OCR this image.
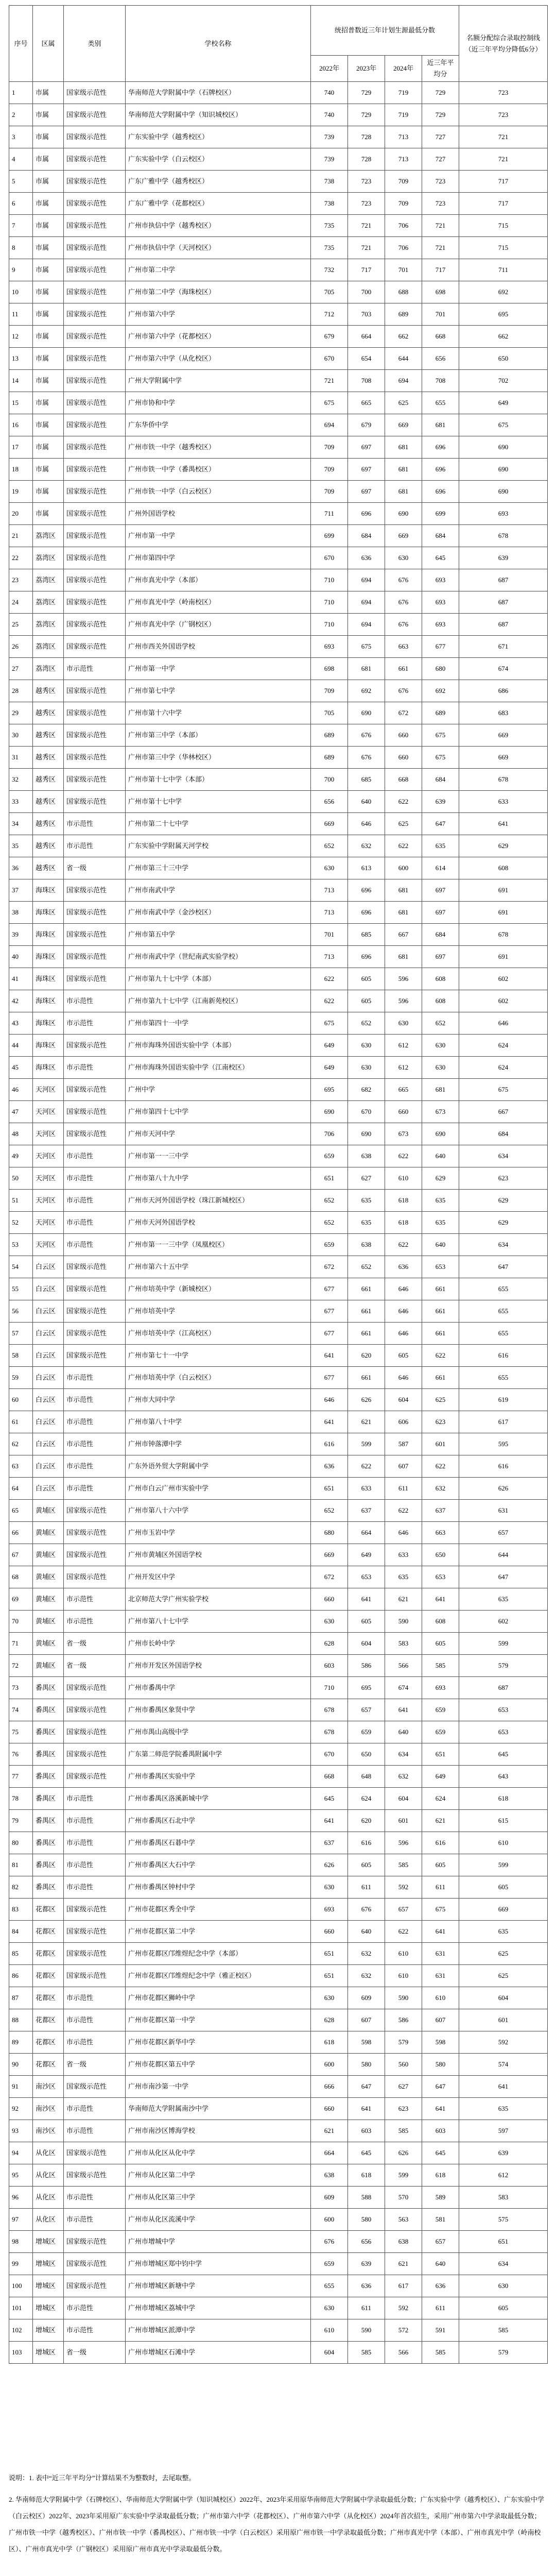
序号	区属	类别	学校名称	统招普数近三年计划生源最低分数				名额分配综合录取控制线（近三年平均分降低6分）
				2022年	2023年	2024年	近三年平均分	
1	市属	国家级示范性	华南师范大学附属中学（石牌校区）	740	729	719	729	723
2	市属	国家级示范性	华南师范大学附属中学（知识城校区）	740	729	719	729	723
3	市属	国家级示范性	广东实验中学（越秀校区）	739	728	713	727	721
4	市属	国家级示范性	广东实验中学（白云校区）	739	728	713	727	721
5	市属	国家级示范性	广东广雅中学（越秀校区）	738	723	709	723	717
6	市属	国家级示范性	广东广雅中学（花都校区）	738	723	709	723	717
7	市属	国家级示范性	广州市执信中学（越秀校区）	735	721	706	721	715
8	市属	国家级示范性	广州市执信中学（天河校区）	735	721	706	721	715
9	市属	国家级示范性	广州市第二中学	732	717	701	717	711
10	市属	国家级示范性	广州市第二中学（海珠校区）	705	700	688	698	692
11	市属	国家级示范性	广州市第六中学	712	703	689	701	695
12	市属	国家级示范性	广州市第六中学（花都校区）	679	664	662	668	662
13	市属	国家级示范性	广州市第六中学（从化校区）	670	654	644	656	650
14	市属	国家级示范性	广州大学附属中学	721	708	694	708	702
15	市属	国家级示范性	广州市协和中学	675	665	625	655	649
16	市属	国家级示范性	广东华侨中学	694	679	669	681	675
17	市属	国家级示范性	广州市铁一中学（越秀校区）	709	697	681	696	690
18	市属	国家级示范性	广州市铁一中学（番禺校区）	709	697	681	696	690
19	市属	国家级示范性	广州市铁一中学（白云校区）	709	697	681	696	690
20	市属	国家级示范性	广州外国语学校	711	696	690	699	693
21	荔湾区	国家级示范性	广州市第一中学	699	684	669	684	678
22	荔湾区	国家级示范性	广州市第四中学	670	636	630	645	639
23	荔湾区	国家级示范性	广州市真光中学（本部）	710	694	676	693	687
24	荔湾区	国家级示范性	广州市真光中学（岭南校区）	710	694	676	693	687
25	荔湾区	国家级示范性	广州市真光中学（广钢校区）	710	694	676	693	687
26	荔湾区	国家级示范性	广州市西关外国语学校	693	675	663	677	671
27	荔湾区	市示范性	广州市第一中学	698	681	661	680	674
28	越秀区	国家级示范性	广州市第七中学	709	692	676	692	686
29	越秀区	国家级示范性	广州市第十六中学	705	690	672	689	683
30	越秀区	国家级示范性	广州市第三中学（本部）	689	676	660	675	669
31	越秀区	国家级示范性	广州市第三中学（华林校区）	689	676	660	675	669
32	越秀区	国家级示范性	广州市第十七中学（本部）	700	685	668	684	678
33	越秀区	国家级示范性	广州市第十七中学	656	640	622	639	633
34	越秀区	市示范性	广州市第二十七中学	669	646	625	647	641
35	越秀区	市示范性	广东实验中学附属天河学校	652	632	622	635	629
36	越秀区	省一级	广州市第三十三中学	630	613	600	614	608
37	海珠区	国家级示范性	广州市南武中学	713	696	681	697	691
38	海珠区	国家级示范性	广州市南武中学（金沙校区）	713	696	681	697	691
39	海珠区	国家级示范性	广州市第五中学	701	685	667	684	678
40	海珠区	国家级示范性	广州市南武中学（世纪南武实验学校）	713	696	681	697	691
41	海珠区	国家级示范性	广州市第九十七中学（本部）	622	605	596	608	602
42	海珠区	市示范性	广州市第九十七中学（江南新苑校区）	622	605	596	608	602
43	海珠区	市示范性	广州市第四十一中学	675	652	630	652	646
44	海珠区	国家级示范性	广州市海珠外国语实验中学（本部）	649	630	612	630	624
45	海珠区	市示范性	广州市海珠外国语实验中学（江南校区）	649	630	612	630	624
46	天河区	国家级示范性	广州中学	695	682	665	681	675
47	天河区	国家级示范性	广州市第四十七中学	690	670	660	673	667
48	天河区	国家级示范性	广州市天河中学	706	690	673	690	684
49	天河区	市示范性	广州市第一一三中学	659	638	622	640	634
50	天河区	市示范性	广州市第八十九中学	651	627	610	629	623
51	天河区	市示范性	广州市天河外国语学校（珠江新城校区）	652	635	618	635	629
52	天河区	市示范性	广州市天河外国语学校	652	635	618	635	629
53	天河区	市示范性	广州市第一一三中学（凤凰校区）	659	638	622	640	634
54	白云区	国家级示范性	广州市第六十五中学	672	652	636	653	647
55	白云区	国家级示范性	广州市培英中学（新城校区）	677	661	646	661	655
56	白云区	国家级示范性	广州市培英中学	677	661	646	661	655
57	白云区	国家级示范性	广州市培英中学（江高校区）	677	661	646	661	655
58	白云区	国家级示范性	广州市第七十一中学	641	620	605	622	616
59	白云区	市示范性	广州市培英中学（白云校区）	677	661	646	661	655
60	白云区	市示范性	广州市大同中学	646	626	604	625	619
61	白云区	市示范性	广州市第八十中学	641	621	606	623	617
62	白云区	市示范性	广州市钟落潭中学	616	599	587	601	595
63	白云区	市示范性	广东外语外贸大学附属中学	636	622	607	622	616
64	白云区	市示范性	广州市白云广州市实验中学	651	633	611	632	626
65	黄埔区	国家级示范性	广州市第八十六中学	652	637	622	637	631
66	黄埔区	国家级示范性	广州市玉岩中学	680	664	646	663	657
67	黄埔区	国家级示范性	广州市黄埔区外国语学校	669	649	633	650	644
68	黄埔区	国家级示范性	广州开发区中学	672	653	635	653	647
69	黄埔区	市示范性	北京师范大学广州实验学校	660	641	621	641	635
70	黄埔区	市示范性	广州市第八十七中学	630	605	590	608	602
71	黄埔区	省一级	广州市长岭中学	628	604	583	605	599
72	黄埔区	省一级	广州市开发区外国语学校	603	586	566	585	579
73	番禺区	国家级示范性	广州市番禺中学	710	695	674	693	687
74	番禺区	国家级示范性	广州市番禺区象贤中学	678	657	641	659	653
75	番禺区	国家级示范性	广州市禺山高级中学	678	659	640	659	653
76	番禺区	国家级示范性	广东第二师范学院番禺附属中学	670	650	634	651	645
77	番禺区	国家级示范性	广州市番禺区实验中学	668	648	632	649	643
78	番禺区	市示范性	广州市番禺区洛溪新城中学	645	624	604	624	618
79	番禺区	市示范性	广州市番禺区石北中学	641	620	601	621	615
80	番禺区	市示范性	广州市番禺区石碁中学	637	616	596	616	610
81	番禺区	市示范性	广州市番禺区大石中学	626	605	585	605	599
82	番禺区	市示范性	广州市番禺区钟村中学	630	611	592	611	605
83	花都区	国家级示范性	广州市花都区秀全中学	693	676	657	675	669
84	花都区	国家级示范性	广州市花都区第二中学	660	640	622	641	635
85	花都区	国家级示范性	广州市花都区邝维煜纪念中学（本部）	651	632	610	631	625
86	花都区	国家级示范性	广州市花都区邝维煜纪念中学（雅正校区）	651	632	610	631	625
87	花都区	市示范性	广州市花都区狮岭中学	630	609	590	610	604
88	花都区	市示范性	广州市花都区第一中学	628	607	586	607	601
89	花都区	市示范性	广州市花都区新华中学	618	598	579	598	592
90	花都区	省一级	广州市花都区第五中学	600	580	560	580	574
91	南沙区	国家级示范性	广州市南沙第一中学	666	647	627	647	641
92	南沙区	市示范性	华南师范大学附属南沙中学	660	641	623	641	635
93	南沙区	市示范性	广州市南沙区博海学校	621	603	585	603	597
94	从化区	国家级示范性	广州市从化区从化中学	664	645	626	645	639
95	从化区	国家级示范性	广州市从化区第二中学	638	618	599	618	612
96	从化区	市示范性	广州市从化区第三中学	609	588	570	589	583
97	从化区	市示范性	广州市从化区流溪中学	600	580	563	581	575
98	增城区	国家级示范性	广州市增城中学	676	656	638	657	651
99	增城区	国家级示范性	广州市增城区郑中钧中学	659	639	621	640	634
100	增城区	国家级示范性	广州市增城区新塘中学	655	636	617	636	630
101	增城区	市示范性	广州市增城区荔城中学	630	611	592	611	605
102	增城区	市示范性	广州市增城区派潭中学	610	590	572	591	585
103	增城区	省一级	广州市增城区石滩中学	604	585	566	585	579
说明：1. 表中“近三年平均分”计算结果不为整数时，去尾取整。

2. 华南师范大学附属中学（石牌校区）、华南师范大学附属中学（知识城校区）2022年、2023年采用原华南师范大学附属中学录取最低分数；广东实验中学（越秀校区）、广东实验中学（白云校区）2022年、2023年采用原广东实验中学录取最低分数；广州市第六中学（花都校区）、广州市第六中学（从化校区）2024年首次招生，采用广州市第六中学录取最低分数；广州市铁一中学（越秀校区）、广州市铁一中学（番禺校区）、广州市铁一中学（白云校区）采用原广州市铁一中学录取最低分数；广州市真光中学（本部）、广州市真光中学（岭南校区）、广州市真光中学（广钢校区）采用原广州市真光中学录取最低分数。
